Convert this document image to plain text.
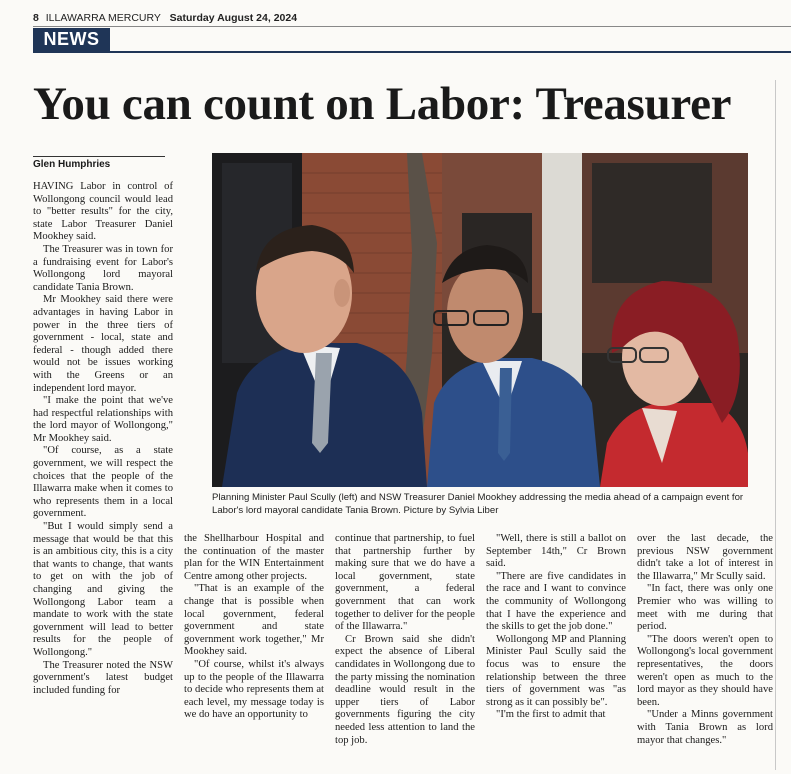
8 ILLAWARRA MERCURY Saturday August 24, 2024
NEWS
You can count on Labor: Treasurer
Glen Humphries
Planning Minister Paul Scully (left) and NSW Treasurer Daniel Mookhey addressing the media ahead of a campaign event for Labor's lord mayoral candidate Tania Brown. Picture by Sylvia Liber

HAVING Labor in control of Wollongong council would lead to "better results" for the city, state Labor Treasurer Daniel Mookhey said.

The Treasurer was in town for a fundraising event for Labor's Wollongong lord mayoral candidate Tania Brown.

Mr Mookhey said there were advantages in having Labor in power in the three tiers of government - local, state and federal - though added there would not be issues working with the Greens or an independent lord mayor.

"I make the point that we've had respectful relationships with the lord mayor of Wollongong," Mr Mookhey said.

"Of course, as a state government, we will respect the choices that the people of the Illawarra make when it comes to who represents them in a local government.

"But I would simply send a message that would be that this is an ambitious city, this is a city that wants to change, that wants to get on with the job of changing and giving the Wollongong Labor team a mandate to work with the state government will lead to better results for the people of Wollongong."

The Treasurer noted the NSW government's latest budget included funding for

the Shellharbour Hospital and the continuation of the master plan for the WIN Entertainment Centre among other projects.

"That is an example of the change that is possible when local government, federal government and state government work together," Mr Mookhey said.

"Of course, whilst it's always up to the people of the Illawarra to decide who represents them at each level, my message today is we do have an opportunity to

continue that partnership, to fuel that partnership further by making sure that we do have a local government, state government, a federal government that can work together to deliver for the people of the Illawarra."

Cr Brown said she didn't expect the absence of Liberal candidates in Wollongong due to the party missing the nomination deadline would result in the upper tiers of Labor governments figuring the city needed less attention to land the top job.

"Well, there is still a ballot on September 14th," Cr Brown said.

"There are five candidates in the race and I want to convince the community of Wollongong that I have the experience and the skills to get the job done."

Wollongong MP and Planning Minister Paul Scully said the focus was to ensure the relationship between the three tiers of government was "as strong as it can possibly be".

"I'm the first to admit that

over the last decade, the previous NSW government didn't take a lot of interest in the Illawarra," Mr Scully said.

"In fact, there was only one Premier who was willing to meet with me during that period.

"The doors weren't open to Wollongong's local government representatives, the doors weren't open as much to the lord mayor as they should have been.

"Under a Minns government with Tania Brown as lord mayor that changes."
